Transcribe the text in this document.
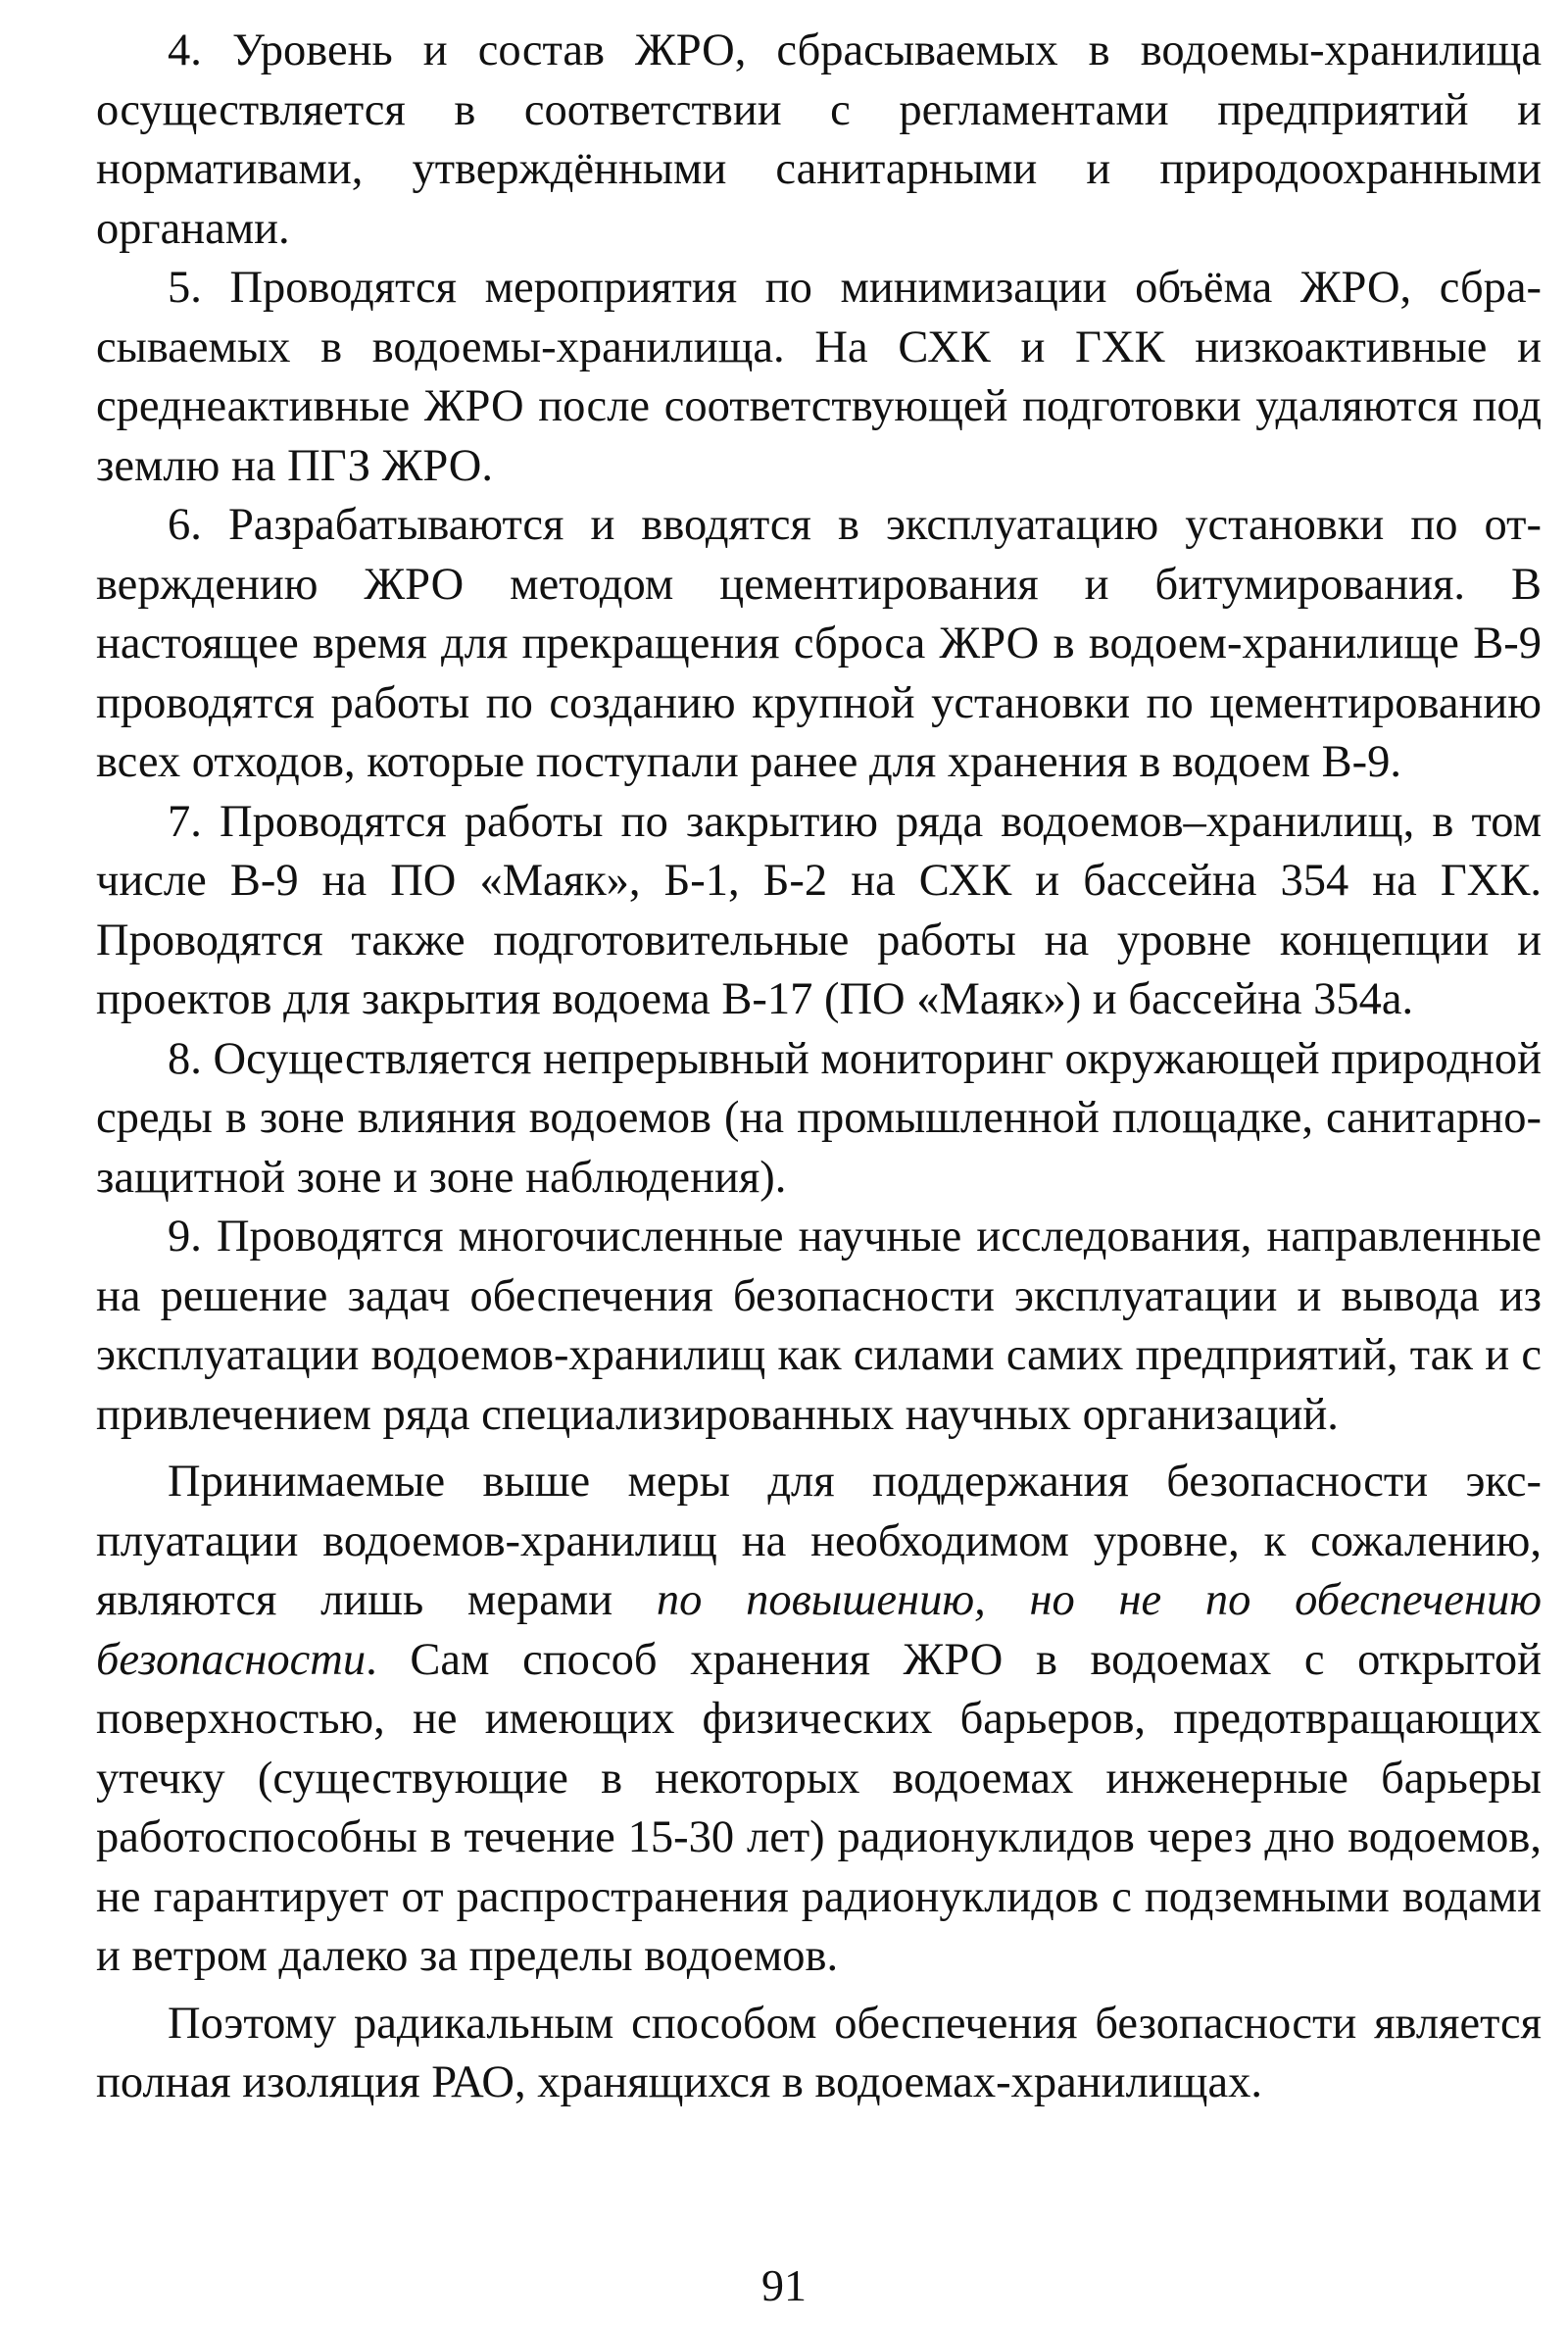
4. Уровень и состав ЖРО, сбрасываемых в водоемы-хранилища осуществляется в соответствии с регламентами предприятий и нормативами, утверждёнными санитарными и природоохранными органами.

5. Проводятся мероприятия по минимизации объёма ЖРО, сбрасываемых в водоемы-хранилища. На СХК и ГХК низкоактивные и среднеактивные ЖРО после соответствующей подготовки удаляются под землю на ПГЗ ЖРО.

6. Разрабатываются и вводятся в эксплуатацию установки по отверждению ЖРО методом цементирования и битумирования. В настоящее время для прекращения сброса ЖРО в водоем-хранилище В-9 проводятся работы по созданию крупной установки по цементированию всех отходов, которые поступали ранее для хранения в водоем В-9.

7. Проводятся работы по закрытию ряда водоемов–хранилищ, в том числе В-9 на ПО «Маяк», Б-1, Б-2 на СХК и бассейна 354 на ГХК. Проводятся также подготовительные работы на уровне концепции и проектов для закрытия водоема В-17 (ПО «Маяк») и бассейна 354а.

8. Осуществляется непрерывный мониторинг окружающей природной среды в зоне влияния водоемов (на промышленной площадке, санитарно-защитной зоне и зоне наблюдения).

9. Проводятся многочисленные научные исследования, направленные на решение задач обеспечения безопасности эксплуатации и вывода из эксплуатации водоемов-хранилищ как силами самих предприятий, так и с привлечением ряда специализированных научных организаций.

Принимаемые выше меры для поддержания безопасности эксплуатации водоемов-хранилищ на необходимом уровне, к сожалению, являются лишь мерами по повышению, но не по обеспечению безопасности. Сам способ хранения ЖРО в водоемах с открытой поверхностью, не имеющих физических барьеров, предотвращающих утечку (существующие в некоторых водоемах инженерные барьеры работоспособны в течение 15-30 лет) радионуклидов через дно водоемов, не гарантирует от распространения радионуклидов с подземными водами и ветром далеко за пределы водоемов.

Поэтому радикальным способом обеспечения безопасности является полная изоляция РАО, хранящихся в водоемах-хранилищах.

91
